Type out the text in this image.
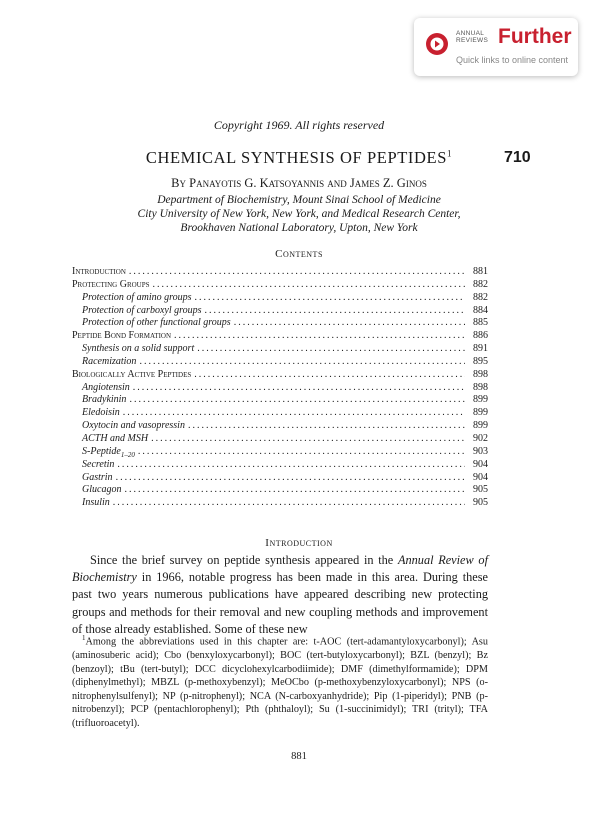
ANNUAL
REVIEWS Further
Quick links to online content
Copyright 1969. All rights reserved
CHEMICAL SYNTHESIS OF PEPTIDES$^1$	710
By Panayotis G. Katsoyannis and James Z. Ginos
Department of Biochemistry, Mount Sinai School of Medicine
City University of New York, New York, and Medical Research Center,
Brookhaven National Laboratory, Upton, New York
Contents
Introduction .....	881
Protecting Groups .....	882
Protection of amino groups .....	882
Protection of carboxyl groups .....	884
Protection of other functional groups .....	885
Peptide Bond Formation .....	886
Synthesis on a solid support .....	891
Racemization .....	895
Biologically Active Peptides .....	898
Angiotensin .....	898
Bradykinin .....	899
Eledoisin .....	899
Oxytocin and vasopressin .....	899
ACTH and MSH .....	902
S-Peptide$_{1-20}$ .....	903
Secretin .....	904
Gastrin .....	904
Glucagon .....	905
Insulin .....	905
Introduction

Since the brief survey on peptide synthesis appeared in the Annual Review of Biochemistry in 1966, notable progress has been made in this area. During these past two years numerous publications have appeared describing new protecting groups and methods for their removal and new coupling methods and improvement of those already established. Some of these new

$^1$Among the abbreviations used in this chapter are: t-AOC (tert-adamantyloxycarbonyl); Asu (aminosuberic acid); Cbo (benxyloxycarbonyl); BOC (tert-butyloxycarbonyl); BZL (benzyl); Bz (benzoyl); tBu (tert-butyl); DCC dicyclohexylcarbodiimide); DMF (dimethylformamide); DPM (diphenylmethyl); MBZL (p-methoxybenzyl); MeOCbo (p-methoxybenzyloxycarbonyl); NPS (o-nitrophenylsulfenyl); NP (p-nitrophenyl); NCA (N-carboxyanhydride); Pip (1-piperidyl); PNB (p-nitrobenzyl); PCP (pentachlorophenyl); Pth (phthaloyl); Su (1-succinimidyl); TRI (trityl); TFA (trifluoroacetyl).

881
